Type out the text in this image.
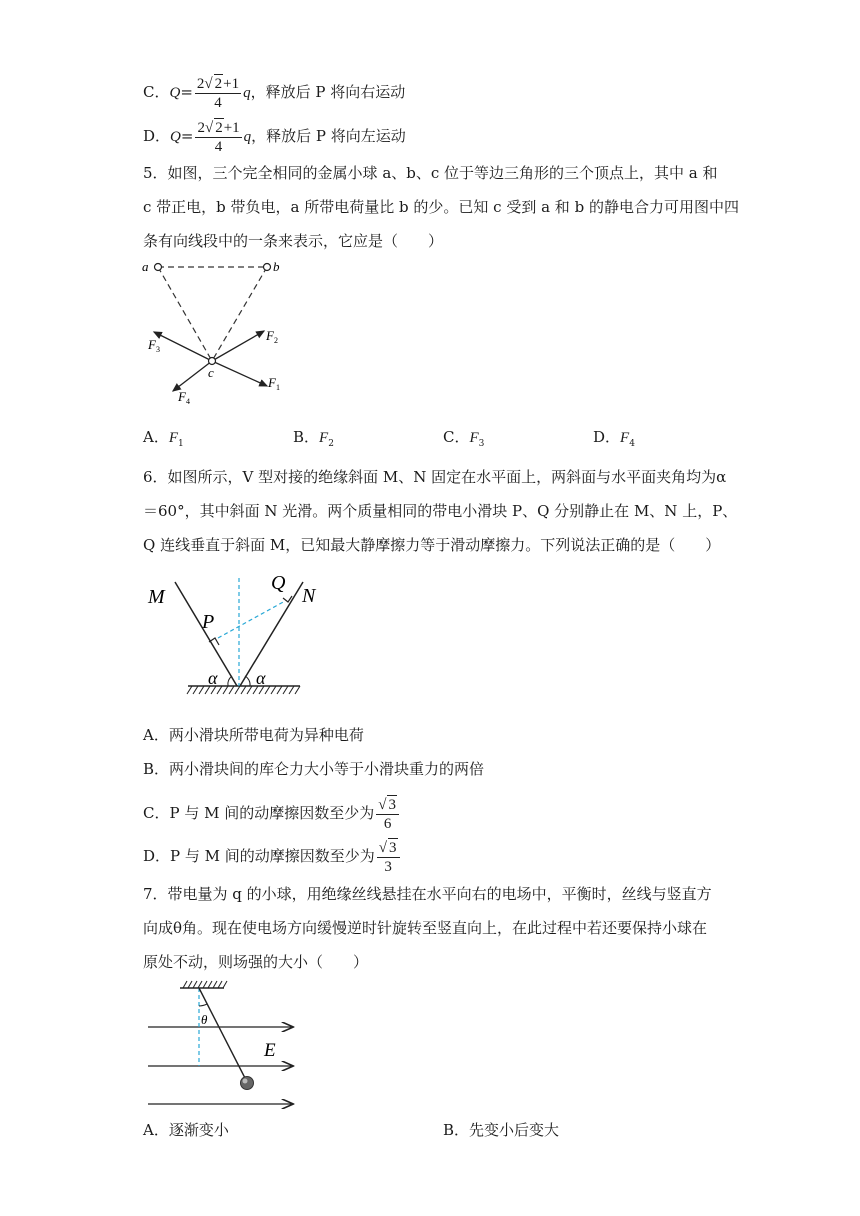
C．$Q= \frac{2√ 2+1}{4}$ q，释放后 P 将向右运动
D．$Q= \frac{2√ 2+1}{4}$ q，释放后 P 将向左运动
5．如图，三个完全相同的金属小球 a、b、c 位于等边三角形的三个顶点上，其中 a 和
c 带正电，b 带负电，a 所带电荷量比 b 的少。已知 c 受到 a 和 b 的静电合力可用图中四
条有向线段中的一条来表示，它应是（　　）
a	b
c
$F_2$
$F_1$
$F_3$
$F_4$
A．$F_1$	B．$F_2$	C．$F_3$	D．$F_4$
6．如图所示，V 型对接的绝缘斜面 M、N 固定在水平面上，两斜面与水平面夹角均为α
＝60°，其中斜面 N 光滑。两个质量相同的带电小滑块 P、Q 分别静止在 M、N 上，P、
Q 连线垂直于斜面 M，已知最大静摩擦力等于滑动摩擦力。下列说法正确的是（　　）
M	N
P
Q
α α
A．两小滑块所带电荷为异种电荷
B．两小滑块间的库仑力大小等于小滑块重力的两倍
C．P 与 M 间的动摩擦因数至少为 $\frac{√ 3}{6}$
D．P 与 M 间的动摩擦因数至少为 $\frac{√ 3}{3}$
7．带电量为 q 的小球，用绝缘丝线悬挂在水平向右的电场中，平衡时，丝线与竖直方
向成θ角。现在使电场方向缓慢逆时针旋转至竖直向上，在此过程中若还要保持小球在
原处不动，则场强的大小（　　）
θ
E
A．逐渐变小	B．先变小后变大
